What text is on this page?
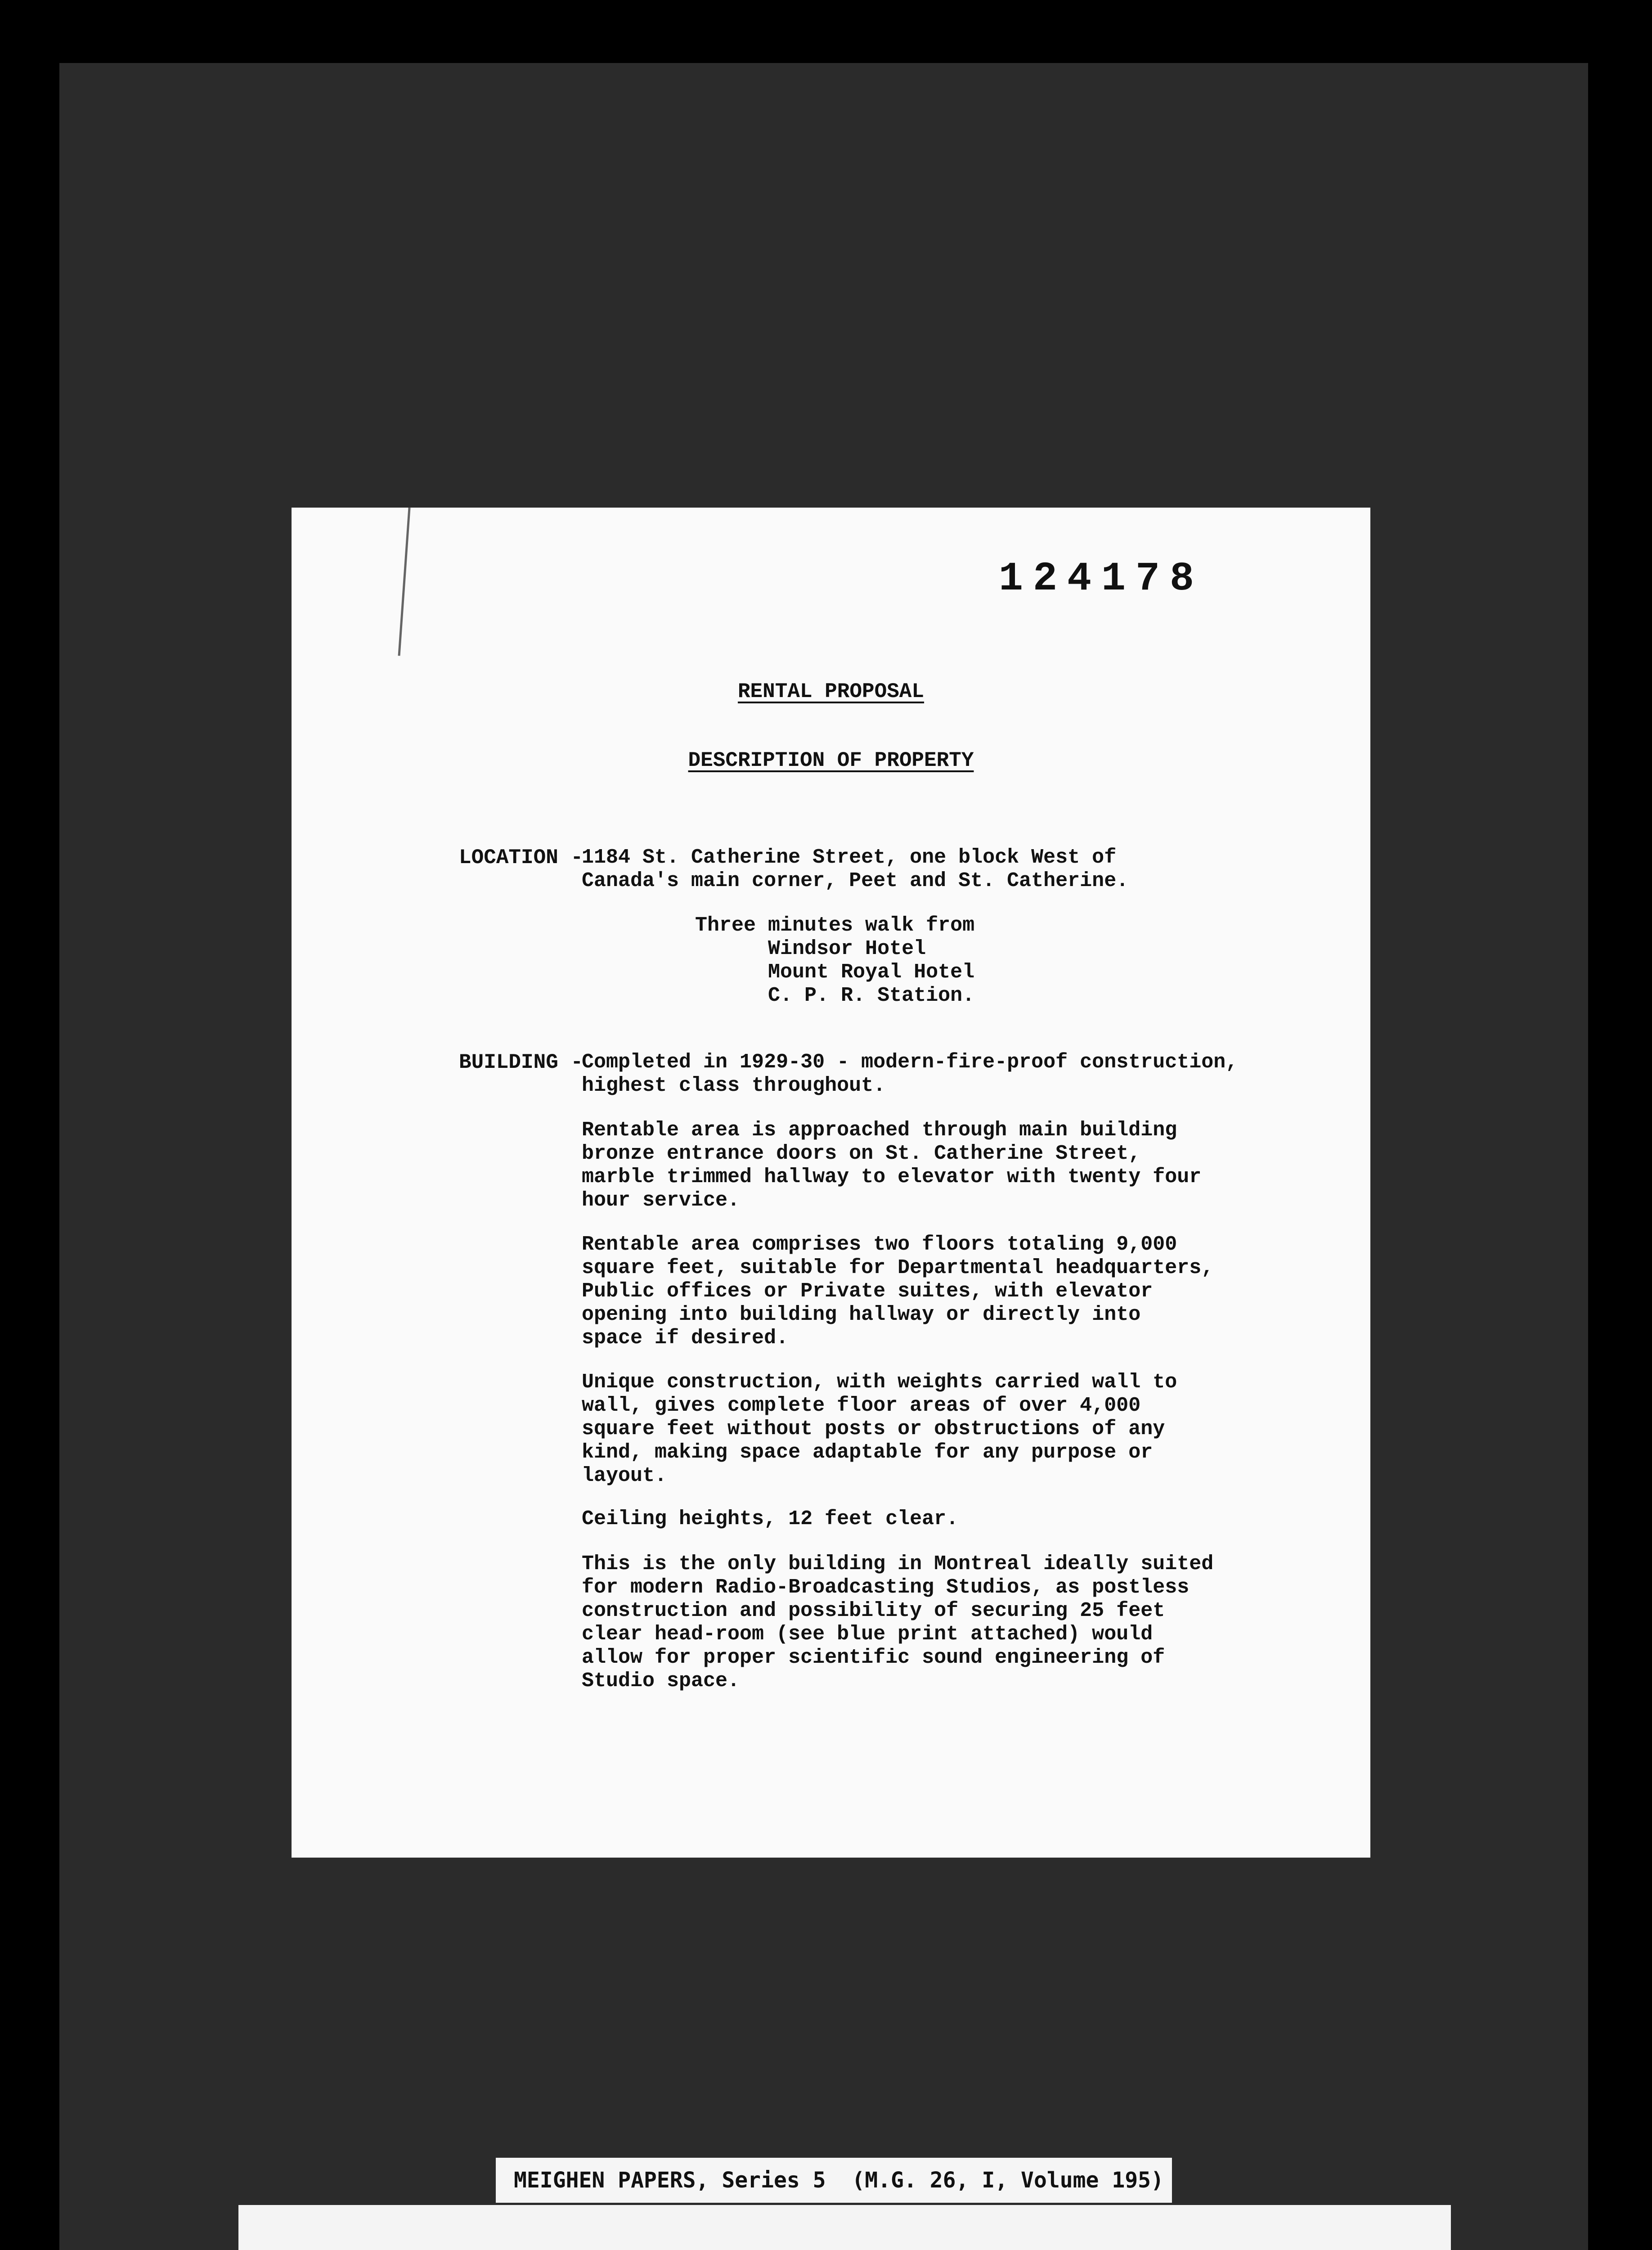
124178
RENTAL PROPOSAL
DESCRIPTION OF PROPERTY
LOCATION -
1184 St. Catherine Street, one block West of
Canada's main corner, Peet and St. Catherine.
Three minutes walk from
Windsor Hotel
Mount Royal Hotel
C. P. R. Station.
BUILDING -
Completed in 1929-30 - modern-fire-proof construction,
highest class throughout.
Rentable area is approached through main building
bronze entrance doors on St. Catherine Street,
marble trimmed hallway to elevator with twenty four
hour service.
Rentable area comprises two floors totaling 9,000
square feet, suitable for Departmental headquarters,
Public offices or Private suites, with elevator
opening into building hallway or directly into
space if desired.
Unique construction, with weights carried wall to
wall, gives complete floor areas of over 4,000
square feet without posts or obstructions of any
kind, making space adaptable for any purpose or
layout.
Ceiling heights, 12 feet clear.
This is the only building in Montreal ideally suited
for modern Radio-Broadcasting Studios, as postless
construction and possibility of securing 25 feet
clear head-room (see blue print attached) would
allow for proper scientific sound engineering of
Studio space.
MEIGHEN PAPERS, Series 5  (M.G. 26, I, Volume 195)
